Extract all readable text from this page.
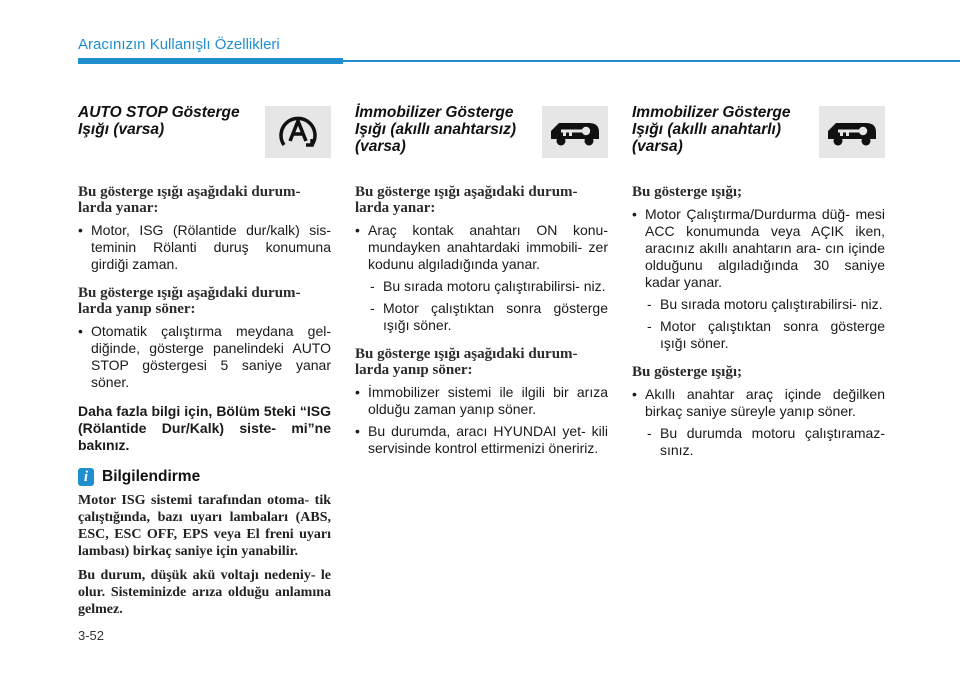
Aracınızın Kullanışlı Özellikleri
AUTO STOP Gösterge Işığı (varsa)

Bu gösterge ışığı aşağıdaki durum- larda yanar:

• Motor, ISG (Rölantide dur/kalk) sis- teminin Rölanti duruş konumuna girdiği zaman.

Bu gösterge ışığı aşağıdaki durum- larda yanıp söner:

• Otomatik çalıştırma meydana gel- diğinde, gösterge panelindeki AUTO STOP göstergesi 5 saniye yanar söner.

Daha fazla bilgi için, Bölüm 5teki “ISG (Rölantide Dur/Kalk) siste- mi”ne bakınız.

i Bilgilendirme

Motor ISG sistemi tarafından otoma- tik çalıştığında, bazı uyarı lambaları (ABS, ESC, ESC OFF, EPS veya El freni uyarı lambası) birkaç saniye için yanabilir.

Bu durum, düşük akü voltajı nedeniy- le olur. Sisteminizde arıza olduğu anlamına gelmez.

İmmobilizer Gösterge Işığı (akıllı anahtarsız) (varsa)

Bu gösterge ışığı aşağıdaki durum- larda yanar:

• Araç kontak anahtarı ON konu- mundayken anahtardaki immobili- zer kodunu algıladığında yanar.
- Bu sırada motoru çalıştırabilirsi- niz.
- Motor çalıştıktan sonra gösterge ışığı söner.

Bu gösterge ışığı aşağıdaki durum- larda yanıp söner:

• İmmobilizer sistemi ile ilgili bir arıza olduğu zaman yanıp söner.
• Bu durumda, aracı HYUNDAI yet- kili servisinde kontrol ettirmenizi öneririz.
Immobilizer Gösterge Işığı (akıllı anahtarlı) (varsa)

Bu gösterge ışığı;

• Motor Çalıştırma/Durdurma düğ- mesi ACC konumunda veya AÇIK iken, aracınız akıllı anahtarın ara- cın içinde olduğunu algıladığında 30 saniye kadar yanar.
- Bu sırada motoru çalıştırabilirsi- niz.
- Motor çalıştıktan sonra gösterge ışığı söner.

Bu gösterge ışığı;

• Akıllı anahtar araç içinde değilken birkaç saniye süreyle yanıp söner.
- Bu durumda motoru çalıştıramaz- sınız.
3-52
